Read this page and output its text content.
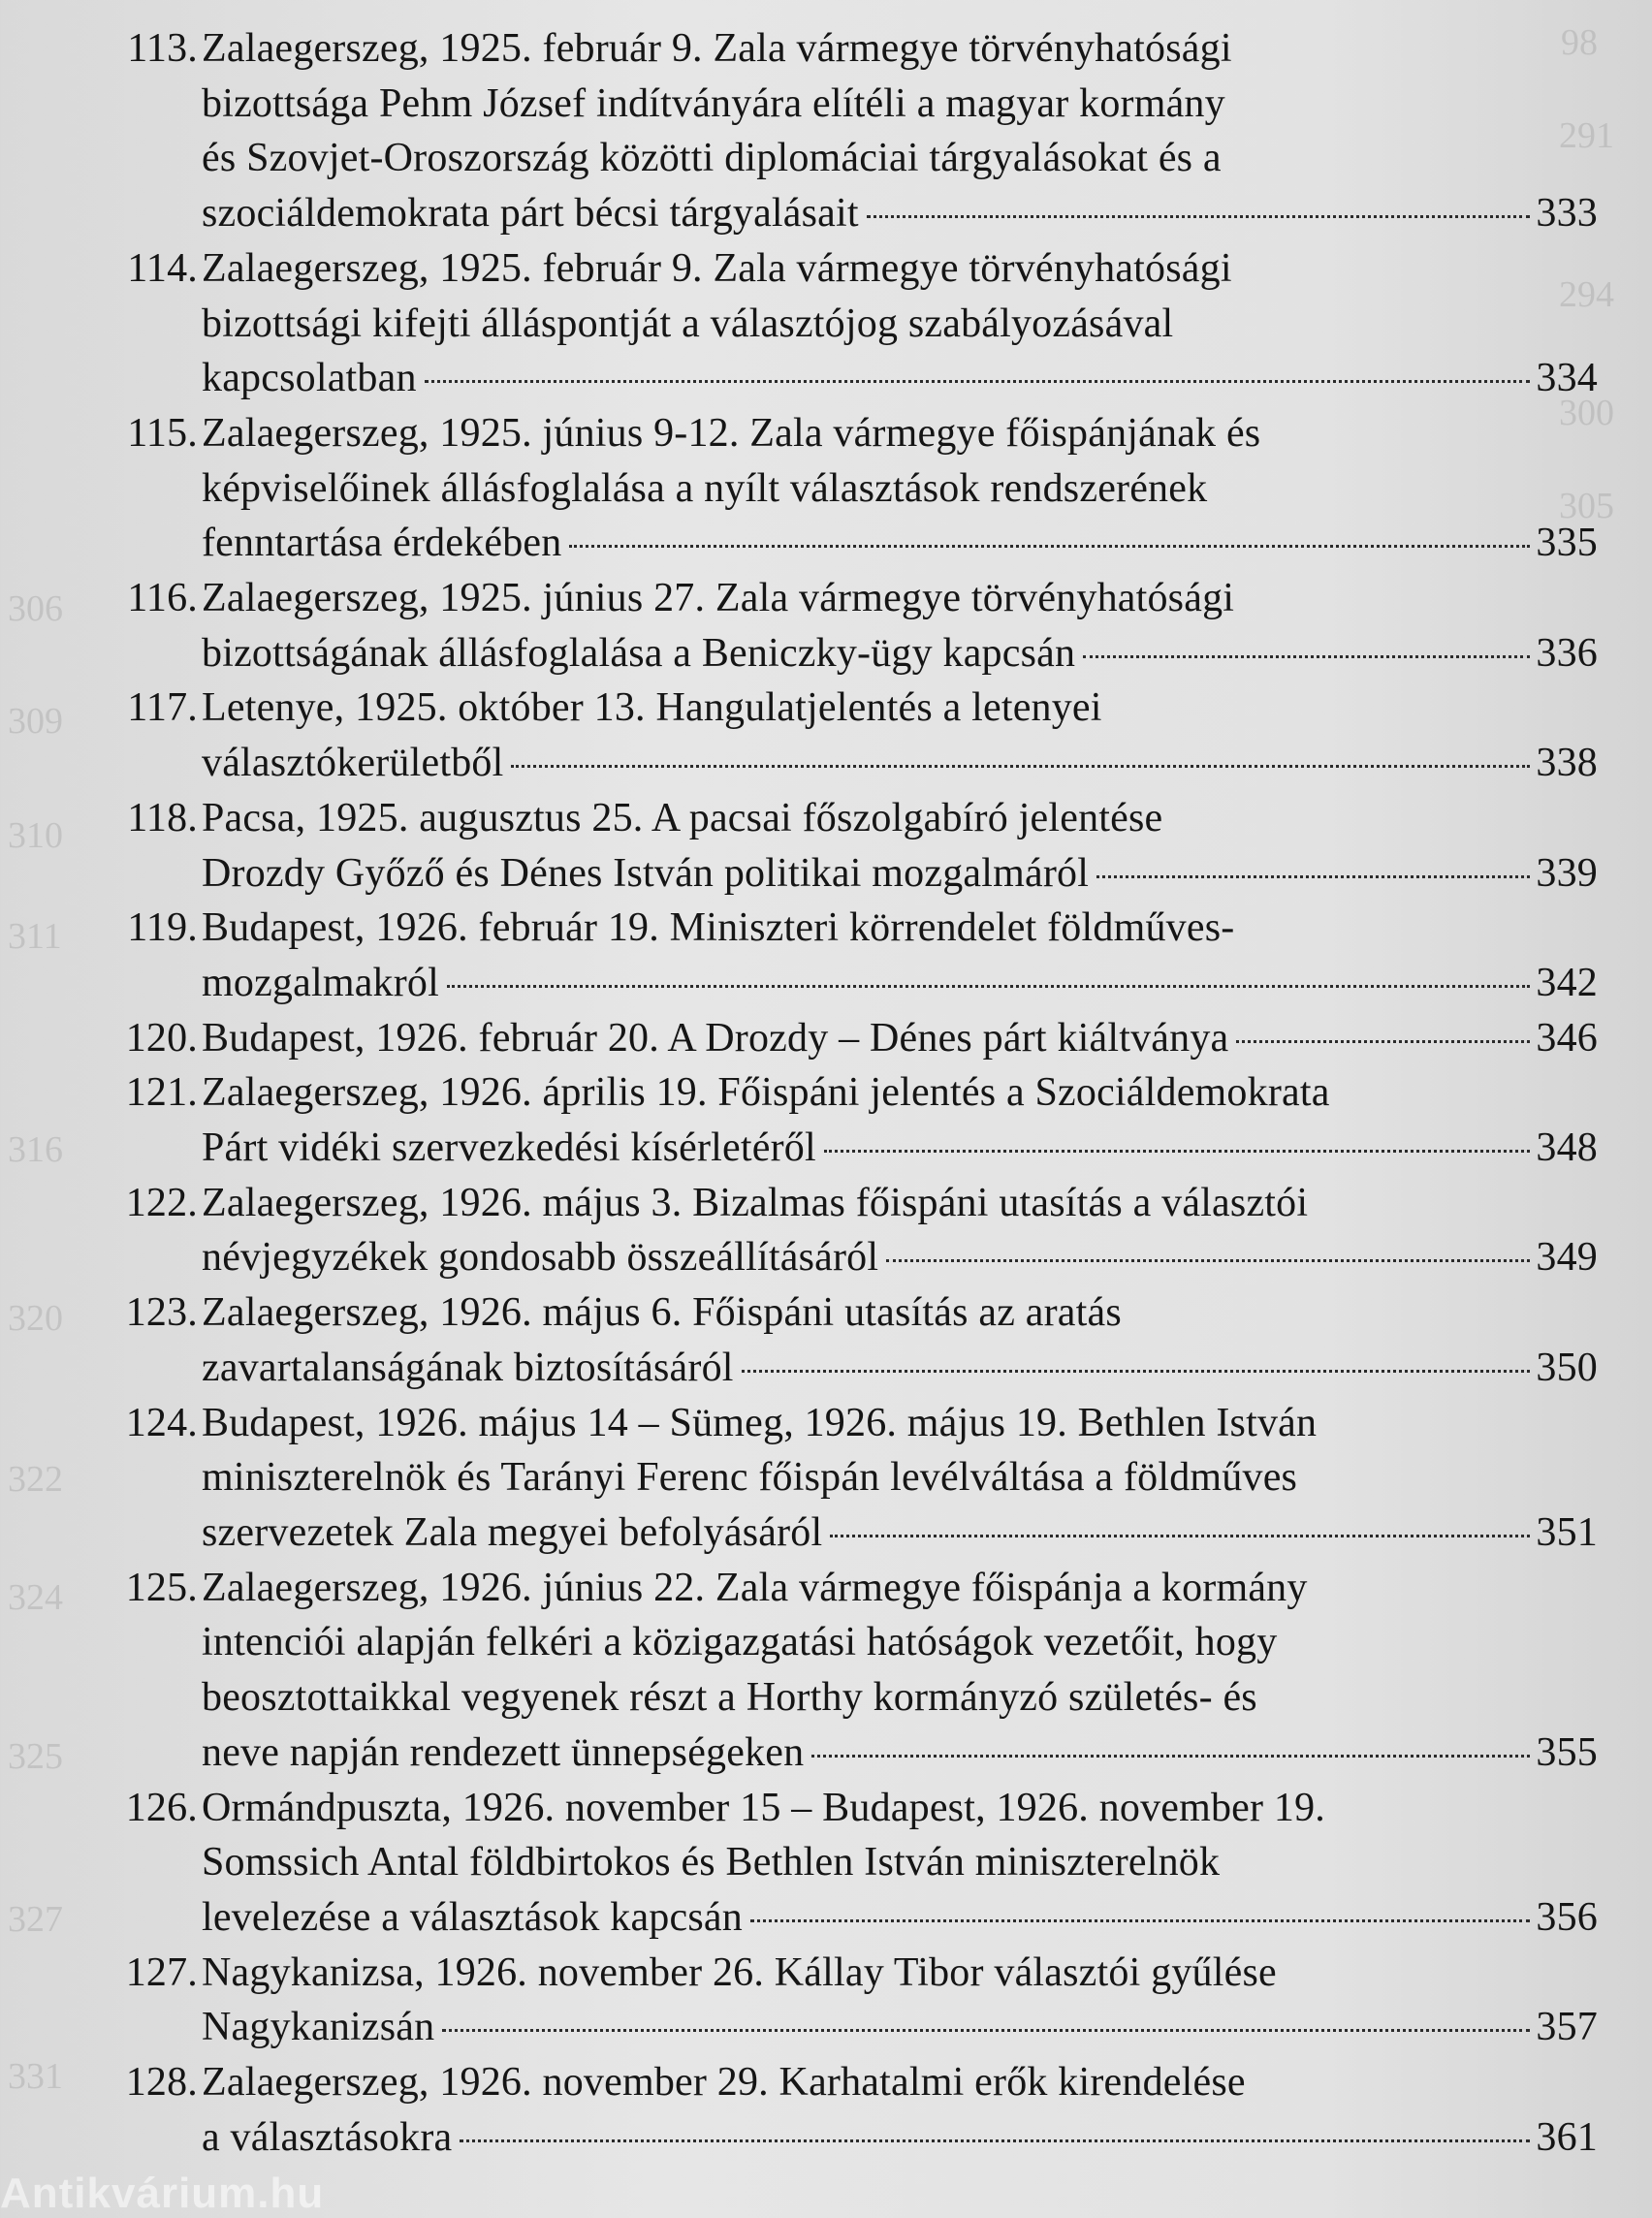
98
291
294
300
305
306
309
310
311
316
320
322
324
325
327
331
113. Zalaegerszeg, 1925. február 9. Zala vármegye törvényhatósági
bizottsága Pehm József indítványára elítéli a magyar kormány
és Szovjet-Oroszország közötti diplomáciai tárgyalásokat és a
szociáldemokrata párt bécsi tárgyalásait	333
114. Zalaegerszeg, 1925. február 9. Zala vármegye törvényhatósági
bizottsági kifejti álláspontját a választójog szabályozásával
kapcsolatban	334
115. Zalaegerszeg, 1925. június 9-12. Zala vármegye főispánjának és
képviselőinek állásfoglalása a nyílt választások rendszerének
fenntartása érdekében	335
116. Zalaegerszeg, 1925. június 27. Zala vármegye törvényhatósági
bizottságának állásfoglalása a Beniczky-ügy kapcsán	336
117. Letenye, 1925. október 13. Hangulatjelentés a letenyei
választókerületből	338
118. Pacsa, 1925. augusztus 25. A pacsai főszolgabíró jelentése
Drozdy Győző és Dénes István politikai mozgalmáról	339
119. Budapest, 1926. február 19. Miniszteri körrendelet földműves-
mozgalmakról	342
120. Budapest, 1926. február 20. A Drozdy – Dénes párt kiáltványa	346
121. Zalaegerszeg, 1926. április 19. Főispáni jelentés a Szociáldemokrata
Párt vidéki szervezkedési kísérletéről	348
122. Zalaegerszeg, 1926. május 3. Bizalmas főispáni utasítás a választói
névjegyzékek gondosabb összeállításáról	349
123. Zalaegerszeg, 1926. május 6. Főispáni utasítás az aratás
zavartalanságának biztosításáról	350
124. Budapest, 1926. május 14 – Sümeg, 1926. május 19. Bethlen István
miniszterelnök és Tarányi Ferenc főispán levélváltása a földműves
szervezetek Zala megyei befolyásáról	351
125. Zalaegerszeg, 1926. június 22. Zala vármegye főispánja a kormány
intenciói alapján felkéri a közigazgatási hatóságok vezetőit, hogy
beosztottaikkal vegyenek részt a Horthy kormányzó születés- és
neve napján rendezett ünnepségeken	355
126. Ormándpuszta, 1926. november 15 – Budapest, 1926. november 19.
Somssich Antal földbirtokos és Bethlen István miniszterelnök
levelezése a választások kapcsán	356
127. Nagykanizsa, 1926. november 26. Kállay Tibor választói gyűlése
Nagykanizsán	357
128. Zalaegerszeg, 1926. november 29. Karhatalmi erők kirendelése
a választásokra	361
Antikvárium.hu
